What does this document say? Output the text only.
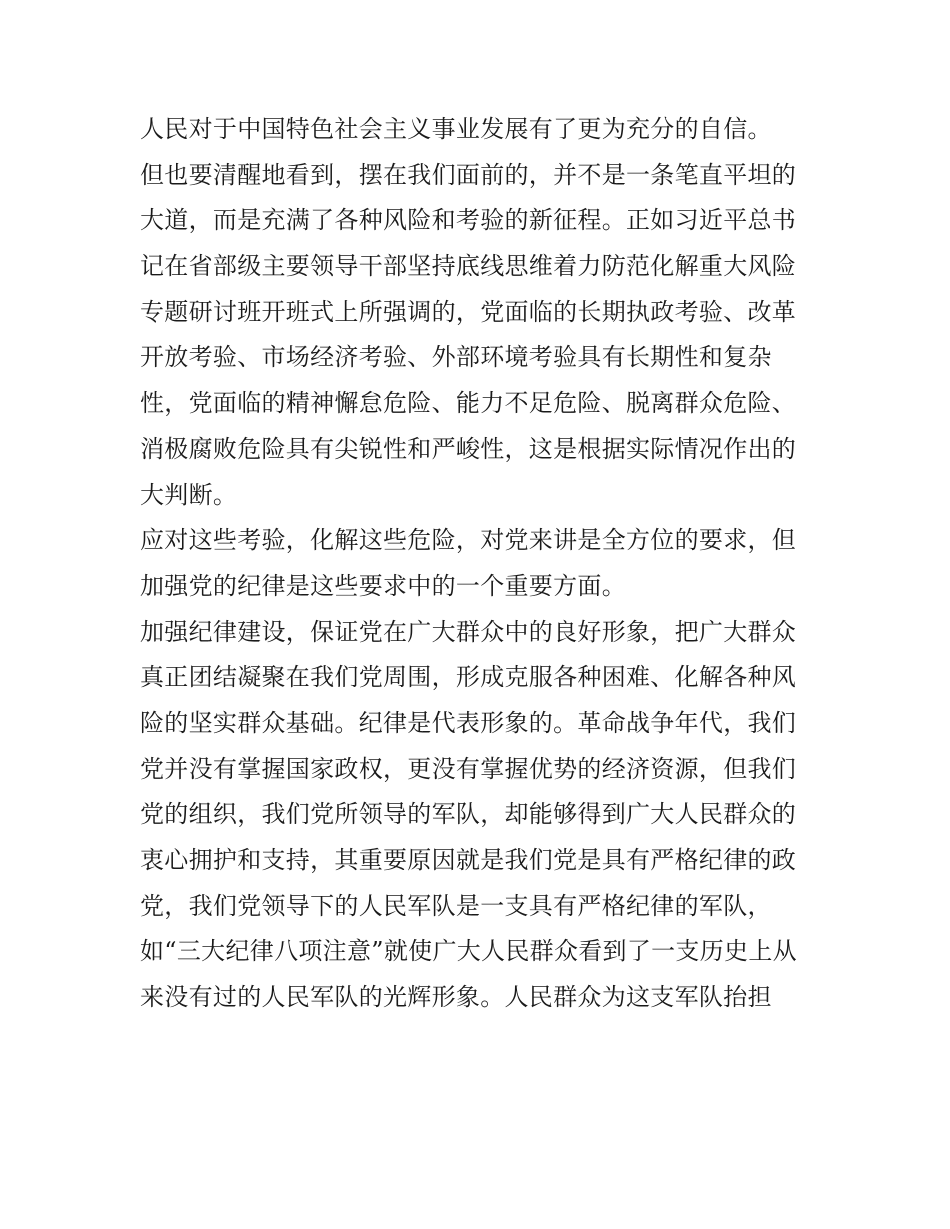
人民对于中国特色社会主义事业发展有了更为充分的自信。
但也要清醒地看到，摆在我们面前的，并不是一条笔直平坦的
大道，而是充满了各种风险和考验的新征程。正如习近平总书
记在省部级主要领导干部坚持底线思维着力防范化解重大风险
专题研讨班开班式上所强调的，党面临的长期执政考验、改革
开放考验、市场经济考验、外部环境考验具有长期性和复杂
性，党面临的精神懈怠危险、能力不足危险、脱离群众危险、
消极腐败危险具有尖锐性和严峻性，这是根据实际情况作出的
大判断。
应对这些考验，化解这些危险，对党来讲是全方位的要求，但
加强党的纪律是这些要求中的一个重要方面。
加强纪律建设，保证党在广大群众中的良好形象，把广大群众
真正团结凝聚在我们党周围，形成克服各种困难、化解各种风
险的坚实群众基础。纪律是代表形象的。革命战争年代，我们
党并没有掌握国家政权，更没有掌握优势的经济资源，但我们
党的组织，我们党所领导的军队，却能够得到广大人民群众的
衷心拥护和支持，其重要原因就是我们党是具有严格纪律的政
党，我们党领导下的人民军队是一支具有严格纪律的军队，
如“三大纪律八项注意”就使广大人民群众看到了一支历史上从
来没有过的人民军队的光辉形象。人民群众为这支军队抬担
